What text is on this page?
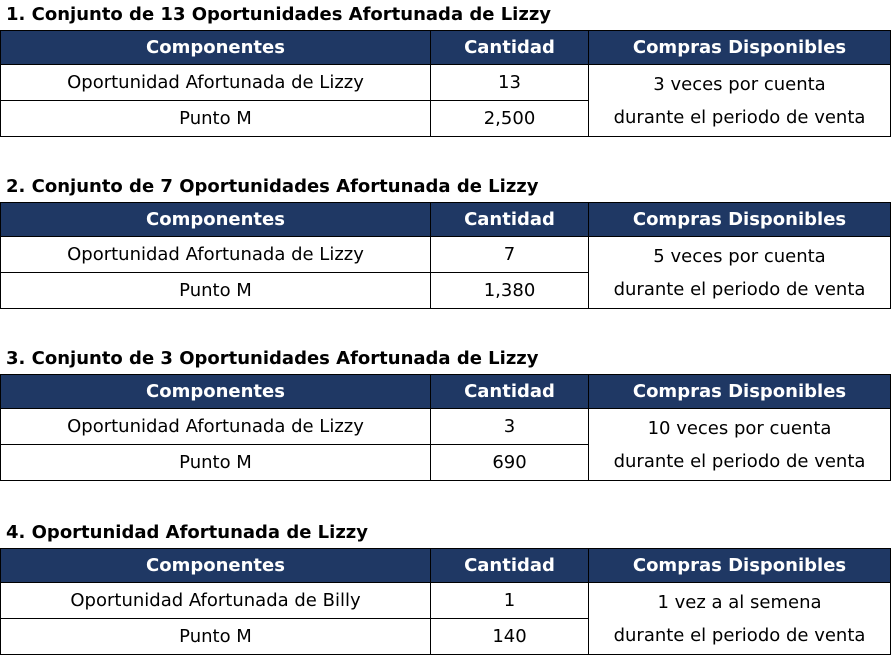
1. Conjunto de 13 Oportunidades Afortunada de Lizzy
Componentes	Cantidad	Compras Disponibles
Oportunidad Afortunada de Lizzy	13	3 veces por cuenta
durante el periodo de venta

Punto M	2,500	
2. Conjunto de 7 Oportunidades Afortunada de Lizzy
Componentes	Cantidad	Compras Disponibles
Oportunidad Afortunada de Lizzy	7	5 veces por cuenta
durante el periodo de venta

Punto M	1,380	
3. Conjunto de 3 Oportunidades Afortunada de Lizzy
Componentes	Cantidad	Compras Disponibles
Oportunidad Afortunada de Lizzy	3	10 veces por cuenta
durante el periodo de venta

Punto M	690	
4. Oportunidad Afortunada de Lizzy
Componentes	Cantidad	Compras Disponibles
Oportunidad Afortunada de Billy	1	1 vez a al semena
durante el periodo de venta

Punto M	140	
